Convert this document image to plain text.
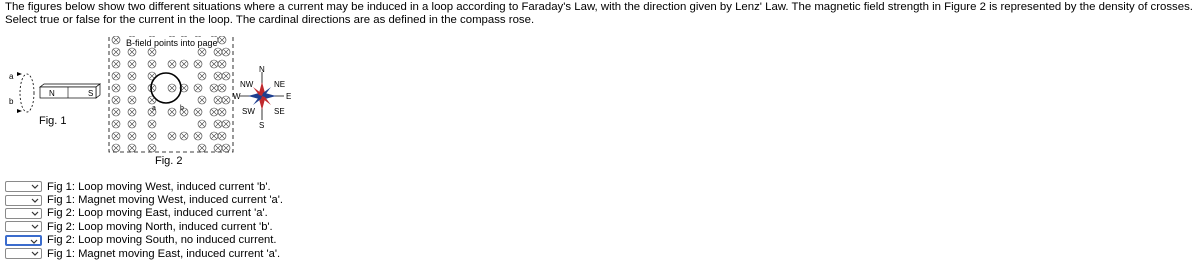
The figures below show two different situations where a current may be induced in a loop according to Faraday's Law, with the direction given by Lenz' Law. The magnetic field strength in Figure 2 is represented by the density of crosses. Select true or false for the current in the loop. The cardinal directions are as defined in the compass rose.

a
b
N	S
Fig. 1
B-field points into page
a	b
Fig. 2
N
S
E
W
NE
NW
SE
SW
Fig 1: Loop moving West, induced current 'b'.
Fig 1: Magnet moving West, induced current 'a'.
Fig 2: Loop moving East, induced current 'a'.
Fig 2: Loop moving North, induced current 'b'.
Fig 2: Loop moving South, no induced current.
Fig 1: Magnet moving East, induced current 'a'.
